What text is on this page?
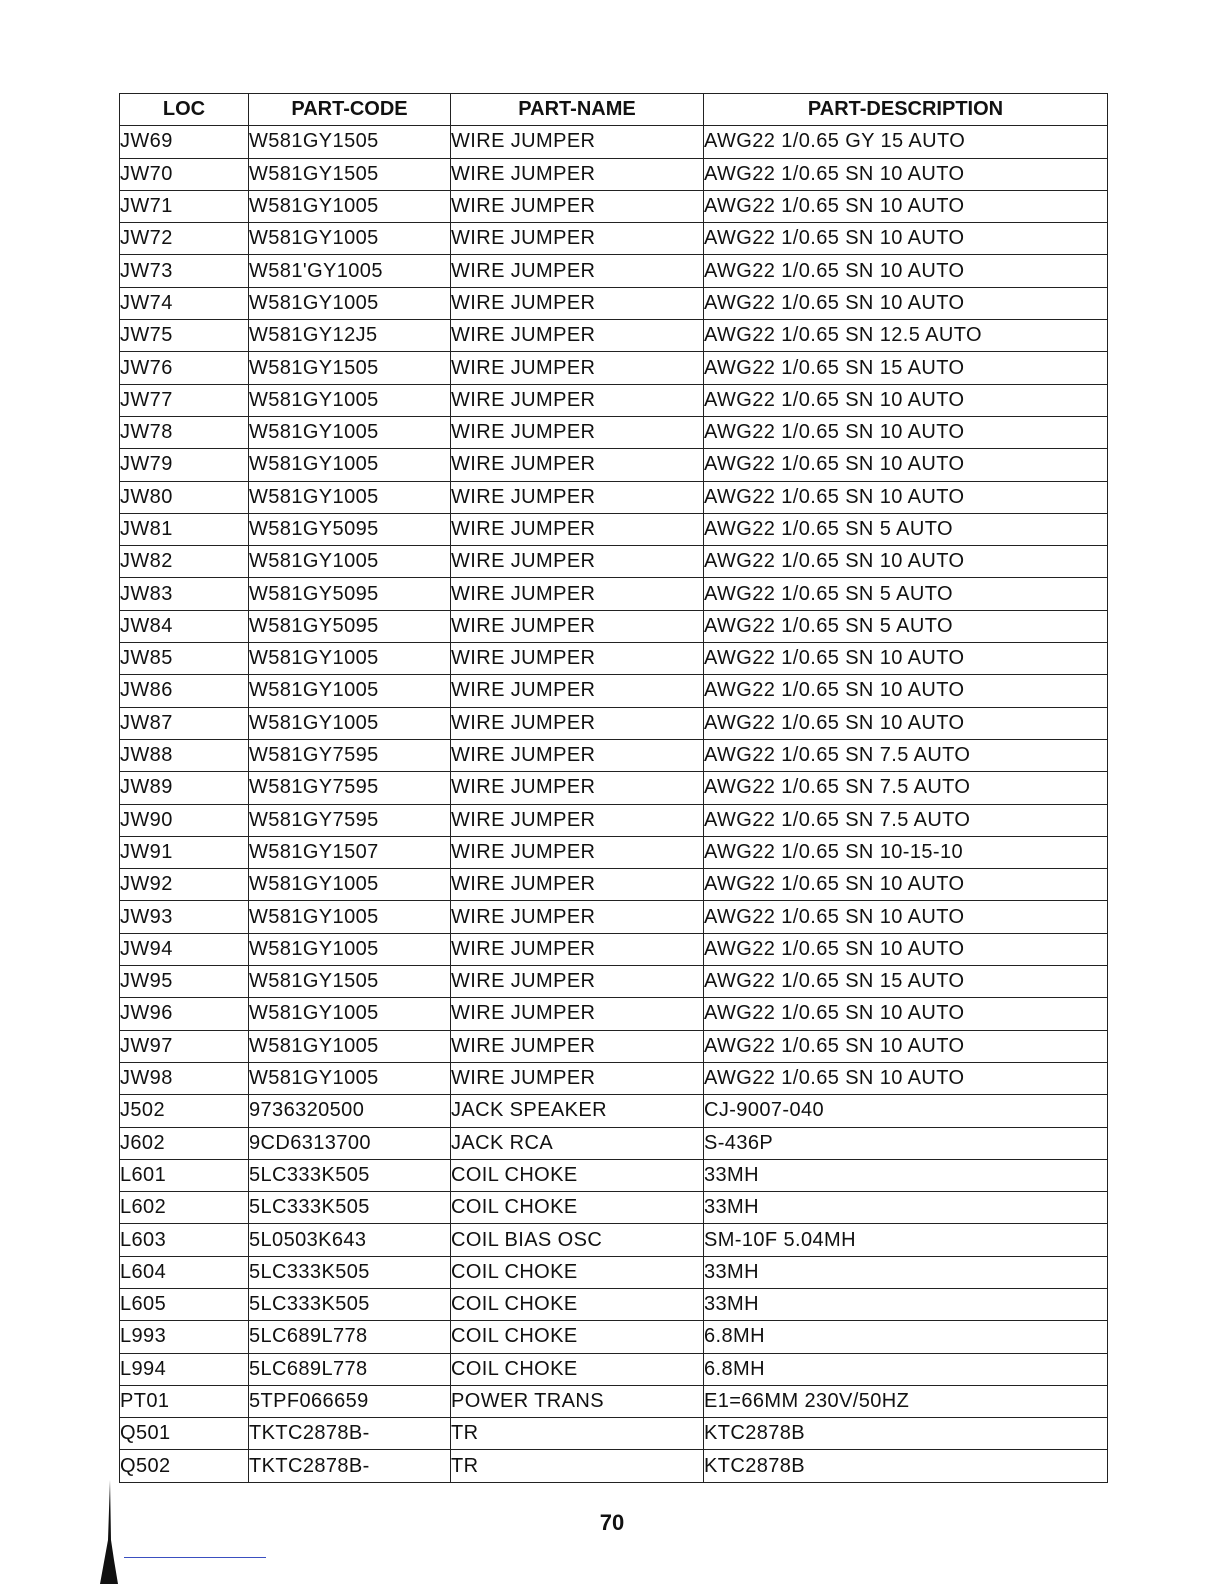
LOC	PART-CODE	PART-NAME	PART-DESCRIPTION
JW69	W581GY1505	WIRE JUMPER	AWG22 1/0.65 GY 15 AUTO
JW70	W581GY1505	WIRE JUMPER	AWG22 1/0.65 SN 10 AUTO
JW71	W581GY1005	WIRE JUMPER	AWG22 1/0.65 SN 10 AUTO
JW72	W581GY1005	WIRE JUMPER	AWG22 1/0.65 SN 10 AUTO
JW73	W581'GY1005	WIRE JUMPER	AWG22 1/0.65 SN 10 AUTO
JW74	W581GY1005	WIRE JUMPER	AWG22 1/0.65 SN 10 AUTO
JW75	W581GY12J5	WIRE JUMPER	AWG22 1/0.65 SN 12.5 AUTO
JW76	W581GY1505	WIRE JUMPER	AWG22 1/0.65 SN 15 AUTO
JW77	W581GY1005	WIRE JUMPER	AWG22 1/0.65 SN 10 AUTO
JW78	W581GY1005	WIRE JUMPER	AWG22 1/0.65 SN 10 AUTO
JW79	W581GY1005	WIRE JUMPER	AWG22 1/0.65 SN 10 AUTO
JW80	W581GY1005	WIRE JUMPER	AWG22 1/0.65 SN 10 AUTO
JW81	W581GY5095	WIRE JUMPER	AWG22 1/0.65 SN 5 AUTO
JW82	W581GY1005	WIRE JUMPER	AWG22 1/0.65 SN 10 AUTO
JW83	W581GY5095	WIRE JUMPER	AWG22 1/0.65 SN 5 AUTO
JW84	W581GY5095	WIRE JUMPER	AWG22 1/0.65 SN 5 AUTO
JW85	W581GY1005	WIRE JUMPER	AWG22 1/0.65 SN 10 AUTO
JW86	W581GY1005	WIRE JUMPER	AWG22 1/0.65 SN 10 AUTO
JW87	W581GY1005	WIRE JUMPER	AWG22 1/0.65 SN 10 AUTO
JW88	W581GY7595	WIRE JUMPER	AWG22 1/0.65 SN 7.5 AUTO
JW89	W581GY7595	WIRE JUMPER	AWG22 1/0.65 SN 7.5 AUTO
JW90	W581GY7595	WIRE JUMPER	AWG22 1/0.65 SN 7.5 AUTO
JW91	W581GY1507	WIRE JUMPER	AWG22 1/0.65 SN 10-15-10
JW92	W581GY1005	WIRE JUMPER	AWG22 1/0.65 SN 10 AUTO
JW93	W581GY1005	WIRE JUMPER	AWG22 1/0.65 SN 10 AUTO
JW94	W581GY1005	WIRE JUMPER	AWG22 1/0.65 SN 10 AUTO
JW95	W581GY1505	WIRE JUMPER	AWG22 1/0.65 SN 15 AUTO
JW96	W581GY1005	WIRE JUMPER	AWG22 1/0.65 SN 10 AUTO
JW97	W581GY1005	WIRE JUMPER	AWG22 1/0.65 SN 10 AUTO
JW98	W581GY1005	WIRE JUMPER	AWG22 1/0.65 SN 10 AUTO
J502	9736320500	JACK SPEAKER	CJ-9007-040
J602	9CD6313700	JACK RCA	S-436P
L601	5LC333K505	COIL CHOKE	33MH
L602	5LC333K505	COIL CHOKE	33MH
L603	5L0503K643	COIL BIAS OSC	SM-10F 5.04MH
L604	5LC333K505	COIL CHOKE	33MH
L605	5LC333K505	COIL CHOKE	33MH
L993	5LC689L778	COIL CHOKE	6.8MH
L994	5LC689L778	COIL CHOKE	6.8MH
PT01	5TPF066659	POWER TRANS	E1=66MM 230V/50HZ
Q501	TKTC2878B-	TR	KTC2878B
Q502	TKTC2878B-	TR	KTC2878B
70
